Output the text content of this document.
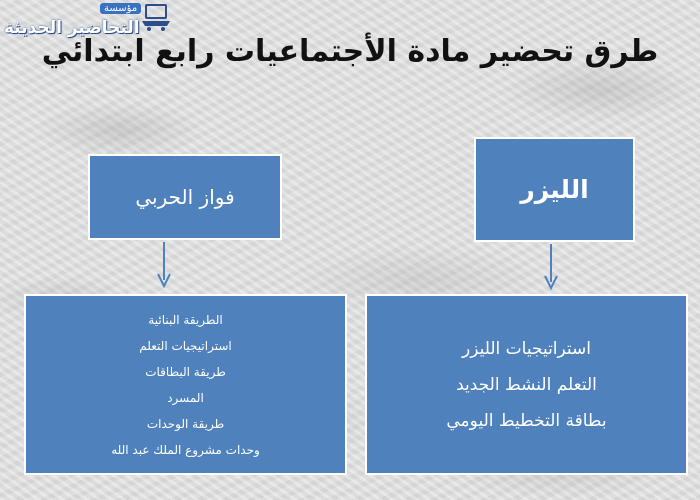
مؤسسة
التحاضير الحديثة
طرق تحضير مادة الأجتماعيات رابع ابتدائي
الليزر
فواز الحربي
الطريقة البنائية
استراتيجيات التعلم
طريقة البطاقات
المسرد
طريقة الوحدات
وحدات مشروع الملك عبد الله
استراتيجيات الليزر
التعلم النشط الجديد
بطاقة التخطيط اليومي
